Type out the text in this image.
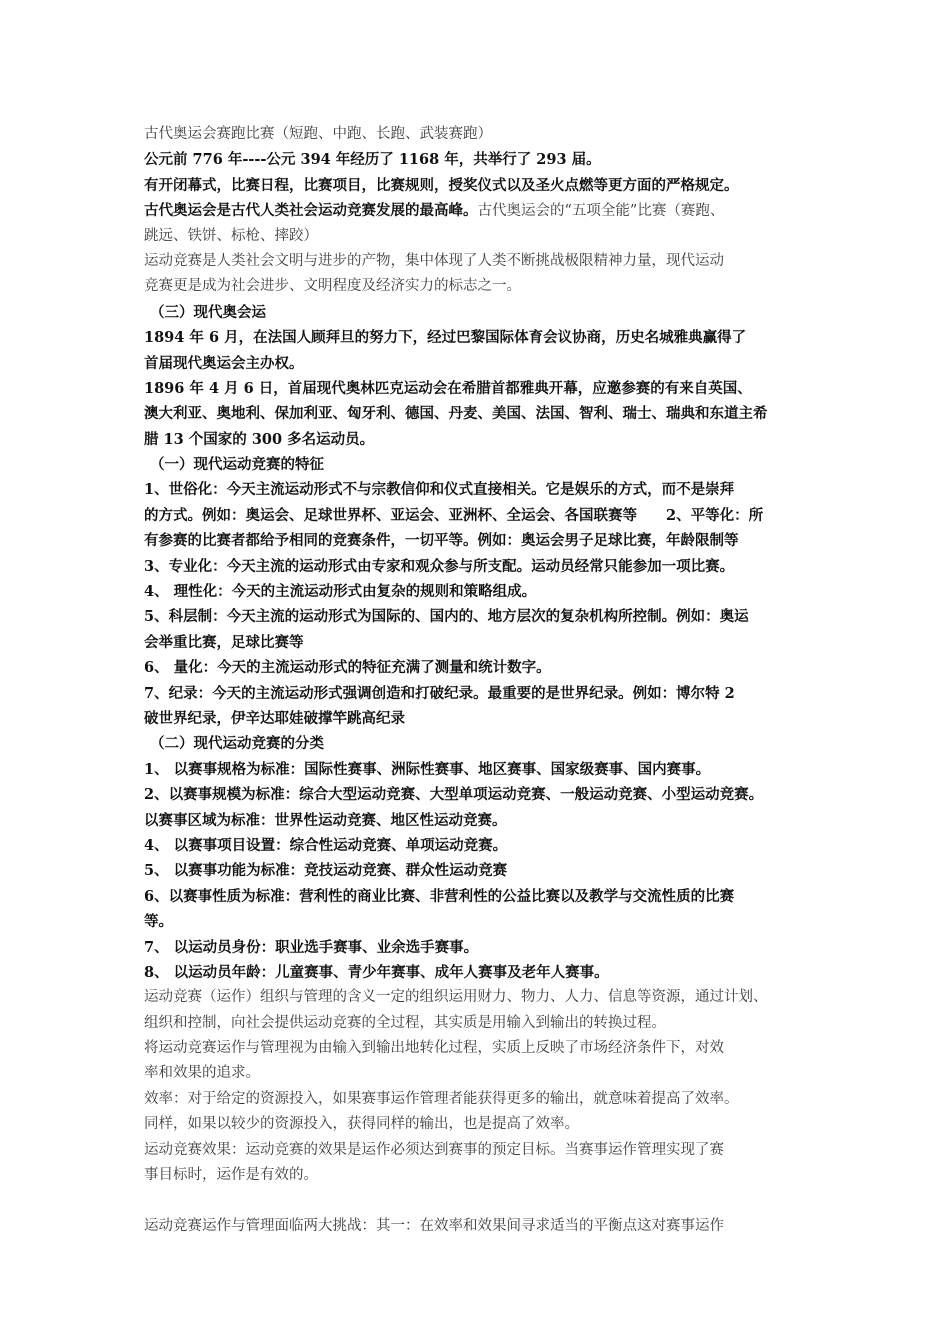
古代奥运会赛跑比赛（短跑、中跑、长跑、武装赛跑）
公元前 776 年----公元 394 年经历了 1168 年，共举行了 293 届。
有开闭幕式，比赛日程，比赛项目，比赛规则，授奖仪式以及圣火点燃等更方面的严格规定。
古代奥运会是古代人类社会运动竞赛发展的最高峰。古代奥运会的“五项全能”比赛（赛跑、
跳远、铁饼、标枪、摔跤）
运动竞赛是人类社会文明与进步的产物，集中体现了人类不断挑战极限精神力量，现代运动
竞赛更是成为社会进步、文明程度及经济实力的标志之一。
（三）现代奥会运
1894 年 6 月，在法国人顾拜旦的努力下，经过巴黎国际体育会议协商，历史名城雅典赢得了
首届现代奥运会主办权。
1896 年 4 月 6 日，首届现代奥林匹克运动会在希腊首都雅典开幕，应邀参赛的有来自英国、
澳大利亚、奥地利、保加利亚、匈牙利、德国、丹麦、美国、法国、智利、瑞士、瑞典和东道主希
腊 13 个国家的 300 多名运动员。
（一）现代运动竞赛的特征
1、世俗化：今天主流运动形式不与宗教信仰和仪式直接相关。它是娱乐的方式，而不是崇拜
的方式。例如：奥运会、足球世界杯、亚运会、亚洲杯、全运会、各国联赛等　　2、平等化：所
有参赛的比赛者都给予相同的竞赛条件，一切平等。例如：奥运会男子足球比赛，年龄限制等
3、专业化：今天主流的运动形式由专家和观众参与所支配。运动员经常只能参加一项比赛。
4、 理性化：今天的主流运动形式由复杂的规则和策略组成。
5、科层制：今天主流的运动形式为国际的、国内的、地方层次的复杂机构所控制。例如：奥运
会举重比赛，足球比赛等
6、 量化：今天的主流运动形式的特征充满了测量和统计数字。
7、纪录：今天的主流运动形式强调创造和打破纪录。最重要的是世界纪录。例如：博尔特 2
破世界纪录，伊辛达耶娃破撑竿跳高纪录
（二）现代运动竞赛的分类
1、 以赛事规格为标准：国际性赛事、洲际性赛事、地区赛事、国家级赛事、国内赛事。
2、以赛事规模为标准：综合大型运动竞赛、大型单项运动竞赛、一般运动竞赛、小型运动竞赛。
以赛事区域为标准：世界性运动竞赛、地区性运动竞赛。
4、 以赛事项目设置：综合性运动竞赛、单项运动竞赛。
5、 以赛事功能为标准：竞技运动竞赛、群众性运动竞赛
6、以赛事性质为标准：营利性的商业比赛、非营利性的公益比赛以及教学与交流性质的比赛
等。
7、 以运动员身份：职业选手赛事、业余选手赛事。
8、 以运动员年龄：儿童赛事、青少年赛事、成年人赛事及老年人赛事。
运动竞赛（运作）组织与管理的含义一定的组织运用财力、物力、人力、信息等资源，通过计划、
组织和控制，向社会提供运动竞赛的全过程，其实质是用输入到输出的转换过程。
将运动竞赛运作与管理视为由输入到输出地转化过程，实质上反映了市场经济条件下，对效
率和效果的追求。
效率：对于给定的资源投入，如果赛事运作管理者能获得更多的输出，就意味着提高了效率。
同样，如果以较少的资源投入，获得同样的输出，也是提高了效率。
运动竞赛效果：运动竞赛的效果是运作必须达到赛事的预定目标。当赛事运作管理实现了赛
事目标时，运作是有效的。
运动竞赛运作与管理面临两大挑战：其一：在效率和效果间寻求适当的平衡点这对赛事运作
